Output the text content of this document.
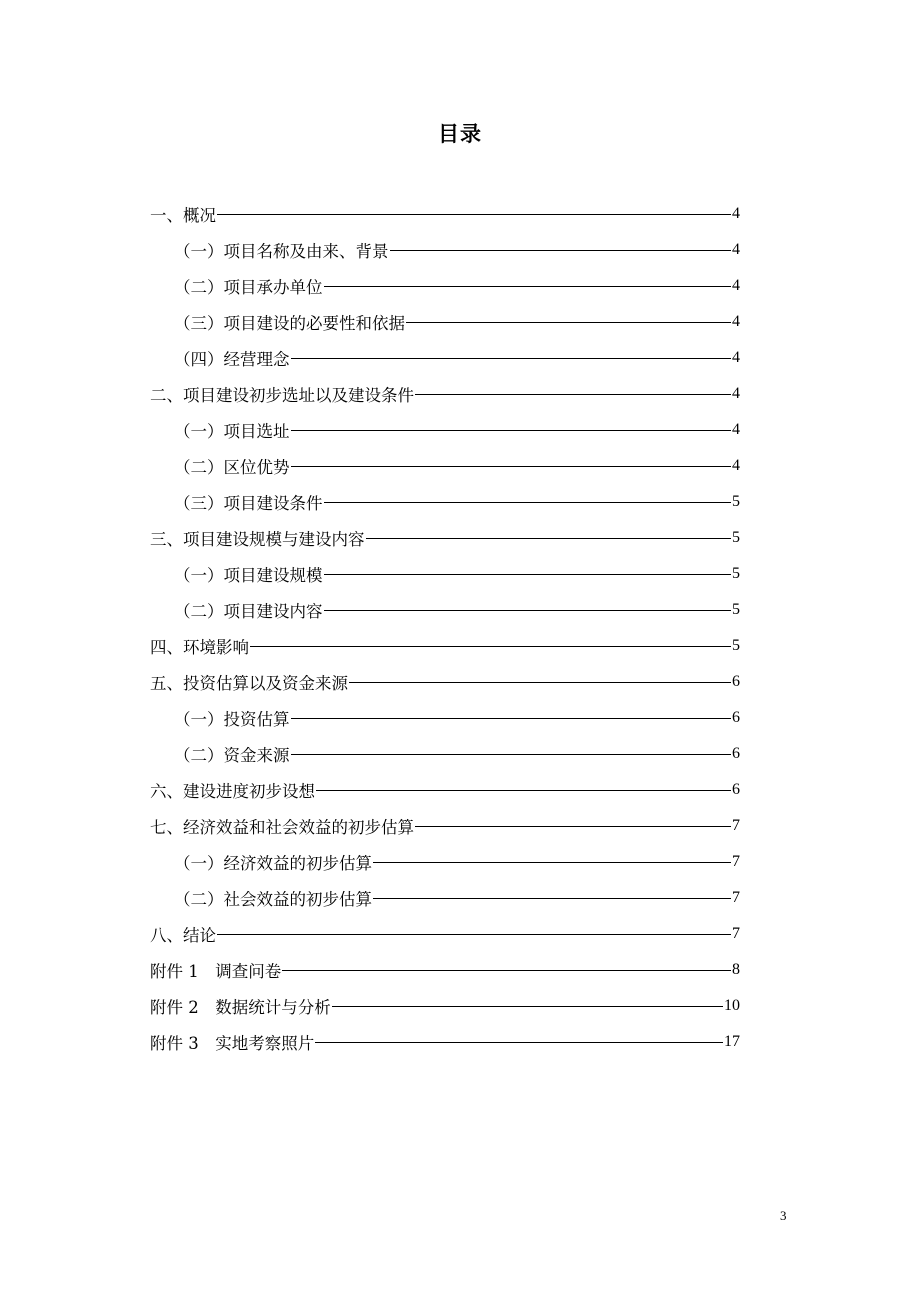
目录
一、概况	4
（一）项目名称及由来、背景	4
（二）项目承办单位	4
（三）项目建设的必要性和依据	4
（四）经营理念	4
二、项目建设初步选址以及建设条件	4
（一）项目选址	4
（二）区位优势	4
（三）项目建设条件	5
三、项目建设规模与建设内容	5
（一）项目建设规模	5
（二）项目建设内容	5
四、环境影响	5
五、投资估算以及资金来源	6
（一）投资估算	6
（二）资金来源	6
六、建设进度初步设想	6
七、经济效益和社会效益的初步估算	7
（一）经济效益的初步估算	7
（二）社会效益的初步估算	7
八、结论	7
附件 1　调查问卷	8
附件 2　数据统计与分析	10
附件 3　实地考察照片	17
3
